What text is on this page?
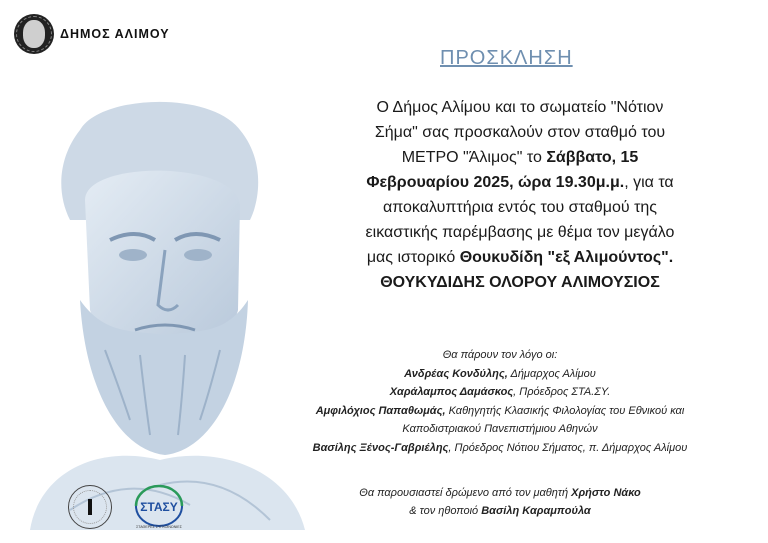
ΔΗΜΟΣ ΑΛΙΜΟΥ
ΠΡΟΣΚΛΗΣΗ
Ο Δήμος Αλίμου και το σωματείο "Νότιον
Σήμα" σας προσκαλούν στον σταθμό του
ΜΕΤΡΟ "Άλιμος" το Σάββατο, 15
Φεβρουαρίου 2025, ώρα 19.30μ.μ., για τα
αποκαλυπτήρια εντός του σταθμού της
εικαστικής παρέμβασης με θέμα τον μεγάλο
μας ιστορικό Θουκυδίδη "εξ Αλιμούντος".
ΘΟΥΚΥΔΙΔΗΣ ΟΛΟΡΟΥ ΑΛΙΜΟΥΣΙΟΣ
Θα πάρουν τον λόγο οι:
Ανδρέας Κονδύλης, Δήμαρχος Αλίμου
Χαράλαμπος Δαμάσκος, Πρόεδρος ΣΤΑ.ΣΥ.
Αμφιλόχιος Παπαθωμάς, Καθηγητής Κλασικής Φιλολογίας του Εθνικού και
Καποδιστριακού Πανεπιστήμιου Αθηνών
Βασίλης Ξένος-Γαβριέλης, Πρόεδρος Νότιου Σήματος, π. Δήμαρχος Αλίμου
Θα παρουσιαστεί δρώμενο από τον μαθητή Χρήστο Νάκο
& τον ηθοποιό Βασίλη Καραμπούλα
ΣΤΑΣΥ
ΣΤΑΘΕΡΕΣ ΣΥΓΚΟΙΝΩΝΙΕΣ
